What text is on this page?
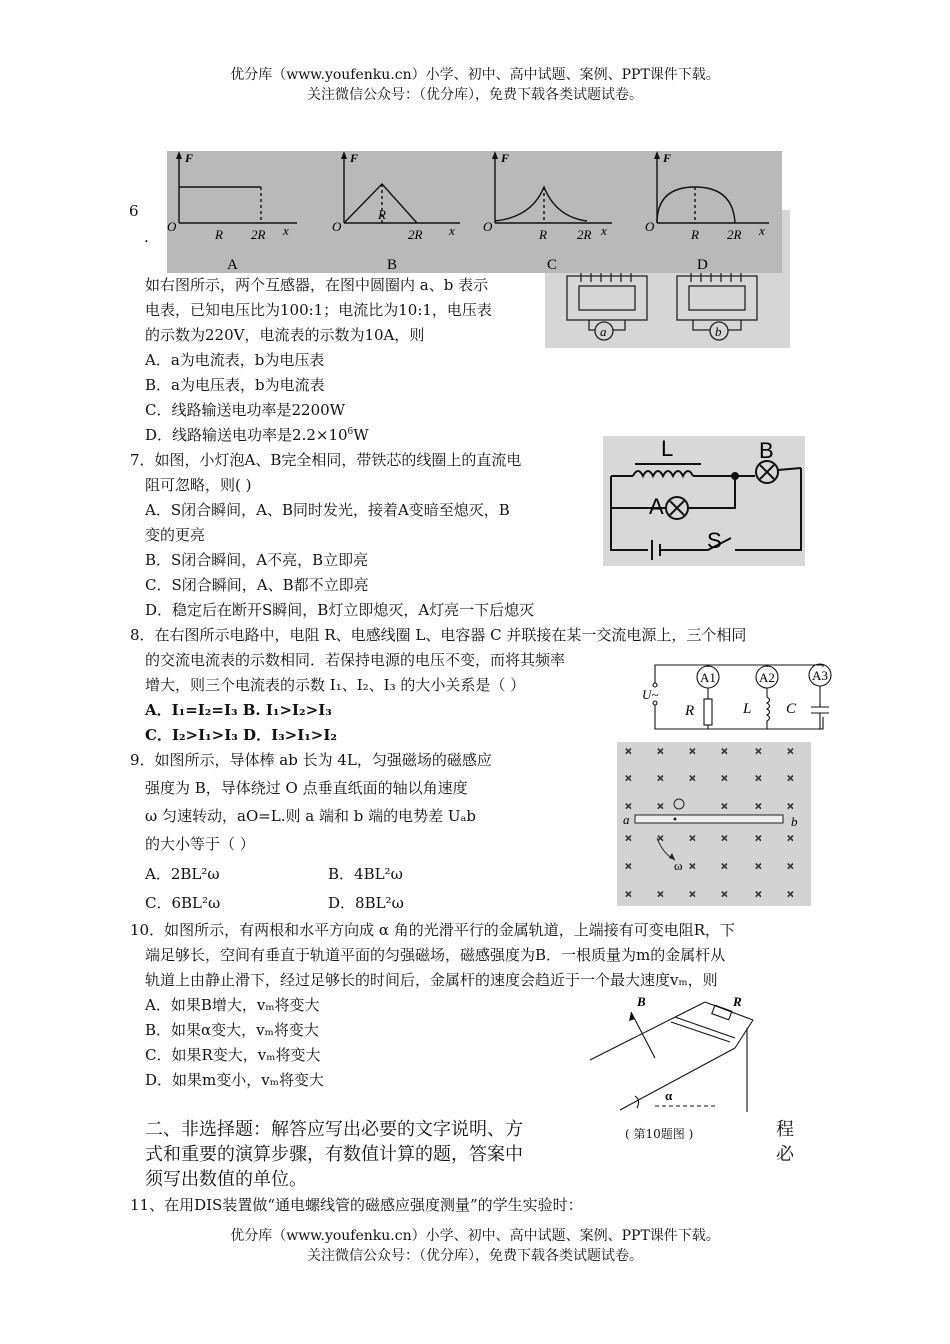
优分库（www.youfenku.cn）小学、初中、高中试题、案例、PPT课件下载。
关注微信公众号：（优分库），免费下载各类试题试卷。
a	b
F	F	F	F
O
R 2R x	O
R
2R x O
R 2R x	O
R 2R x
A	B	C	D
6
.
如右图所示，两个互感器，在图中圆圈内 a、b 表示
电表，已知电压比为100:1；电流比为10:1，电压表
的示数为220V，电流表的示数为10A，则
A．a为电流表，b为电压表
B．a为电压表，b为电流表
C．线路输送电功率是2200W
D．线路输送电功率是$2.2\times 10^6W$
L	B
A
S
7．如图，小灯泡A、B完全相同，带铁芯的线圈上的直流电
阻可忽略，则( )
A．S闭合瞬间，A、B同时发光，接着A变暗至熄灭，B
变的更亮
B．S闭合瞬间，A不亮，B立即亮
C．S闭合瞬间，A、B都不立即亮
D．稳定后在断开S瞬间，B灯立即熄灭，A灯亮一下后熄灭
8．在右图所示电路中，电阻 R、电感线圈 L、电容器 C 并联接在某一交流电源上，三个相同
的交流电流表的示数相同．若保持电源的电压不变，而将其频率
增大，则三个电流表的示数 I₁、I₂、I₃ 的大小关系是（ ）
A．I₁=I₂=I₃ B. I₁>I₂>I₃
C．I₂>I₁>I₃ D．I₃>I₁>I₂
A1	A2	A3
U~
R	L C
9．如图所示，导体棒 ab 长为 4L，匀强磁场的磁感应
强度为 B，导体绕过 O 点垂直纸面的轴以角速度
ω 匀速转动，aO=L.则 a 端和 b 端的电势差 Uₐb
的大小等于（ ）
A．2BL²ω	B．4BL²ω
C．6BL²ω	D．8BL²ω
× × × × × ×
× × × × × ×
× ×	× × ×
× × × × × ×
×	× × × ×
× × × × × ×
a	b
ω
10．如图所示，有两根和水平方向成 α 角的光滑平行的金属轨道，上端接有可变电阻R，下
端足够长，空间有垂直于轨道平面的匀强磁场，磁感强度为B．一根质量为m的金属杆从
轨道上由静止滑下，经过足够长的时间后，金属杆的速度会趋近于一个最大速度vₘ，则
A．如果B增大，vₘ将变大
B．如果α变大，vₘ将变大
C．如果R变大，vₘ将变大
D．如果m变小，vₘ将变大
B	R
α
( 第10题图 )
二、非选择题：解答应写出必要的文字说明、方
式和重要的演算步骤，有数值计算的题，答案中
须写出数值的单位。
程
必
11、在用DIS装置做“通电螺线管的磁感应强度测量”的学生实验时：
优分库（www.youfenku.cn）小学、初中、高中试题、案例、PPT课件下载。
关注微信公众号：（优分库），免费下载各类试题试卷。
